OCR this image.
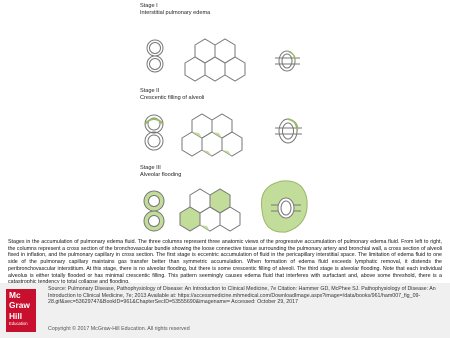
Stage I
Interstitial pulmonary edema
Stage II
Crescentic filling of alveoli
Stage III
Alveolar flooding
Stages in the accumulation of pulmonary edema fluid. The three columns represent three anatomic views of the progressive accumulation of pulmonary edema fluid. From left to right, the columns represent a cross section of the bronchovascular bundle showing the loose connective tissue surrounding the pulmonary artery and bronchial wall, a cross section of alveoli fixed in inflation, and the pulmonary capillary in cross section. The first stage is eccentric accumulation of fluid in the pericapillary interstitial space. The limitation of edema fluid to one side of the pulmonary capillary maintains gas transfer better than symmetric accumulation. When formation of edema fluid exceeds lymphatic removal, it distends the peribronchovascular interstitium. At this stage, there is no alveolar flooding, but there is some crescentic filling of alveoli. The third stage is alveolar flooding. Note that each individual alveolus is either totally flooded or has minimal crescentic filling. This pattern seemingly causes edema fluid that interferes with surfactant and, above some threshold, there is a
Mc
Graw
Hill
Education
Source: Pulmonary Disease, Pathophysiology of Disease: An Introduction to Clinical Medicine, 7e Citation: Hammer GD, McPhee SJ. Pathophysiology of Disease: An Introduction to Clinical Medicine, 7e; 2013 Available at: https://accessmedicine.mhmedical.com/DownloadImage.aspx?image=/data/books/961/ham007_fig_09-28.gif&sec=53629747&BookID=961&ChapterSecID=53555690&imagename= Accessed: October 29, 2017
Copyright © 2017 McGraw-Hill Education. All rights reserved
